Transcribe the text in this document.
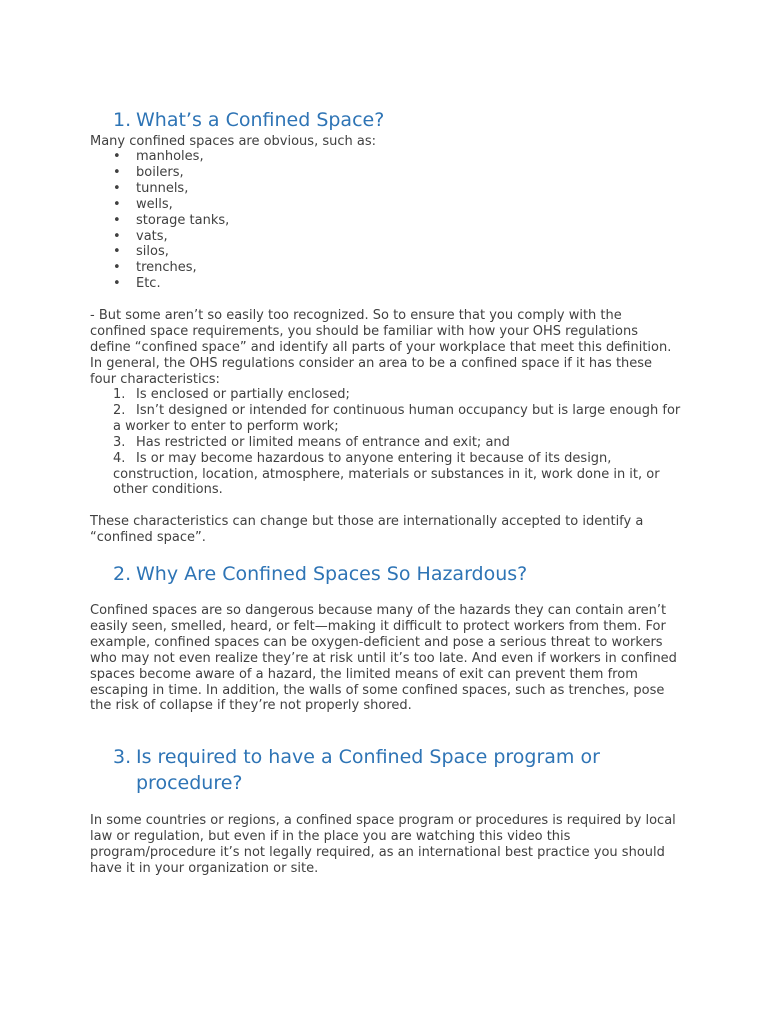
1. What’s a Confined Space?

Many confined spaces are obvious, such as:

• manholes,
• boilers,
• tunnels,
• wells,
• storage tanks,
• vats,
• silos,
• trenches,
• Etc.

- But some aren’t so easily too recognized. So to ensure that you comply with the confined space requirements, you should be familiar with how your OHS regulations define “confined space” and identify all parts of your workplace that meet this definition. In general, the OHS regulations consider an area to be a confined space if it has these four characteristics:

1. Is enclosed or partially enclosed;
2. Isn’t designed or intended for continuous human occupancy but is large enough for a worker to enter to perform work;
3. Has restricted or limited means of entrance and exit; and
4. Is or may become hazardous to anyone entering it because of its design, construction, location, atmosphere, materials or substances in it, work done in it, or other conditions.

These characteristics can change but those are internationally accepted to identify a “confined space”.

2. Why Are Confined Spaces So Hazardous?

Confined spaces are so dangerous because many of the hazards they can contain aren’t easily seen, smelled, heard, or felt—making it difficult to protect workers from them. For example, confined spaces can be oxygen-deficient and pose a serious threat to workers who may not even realize they’re at risk until it’s too late. And even if workers in confined spaces become aware of a hazard, the limited means of exit can prevent them from escaping in time. In addition, the walls of some confined spaces, such as trenches, pose the risk of collapse if they’re not properly shored.

3. Is required to have a Confined Space program or
procedure?

In some countries or regions, a confined space program or procedures is required by local law or regulation, but even if in the place you are watching this video this program/procedure it’s not legally required, as an international best practice you should have it in your organization or site.
